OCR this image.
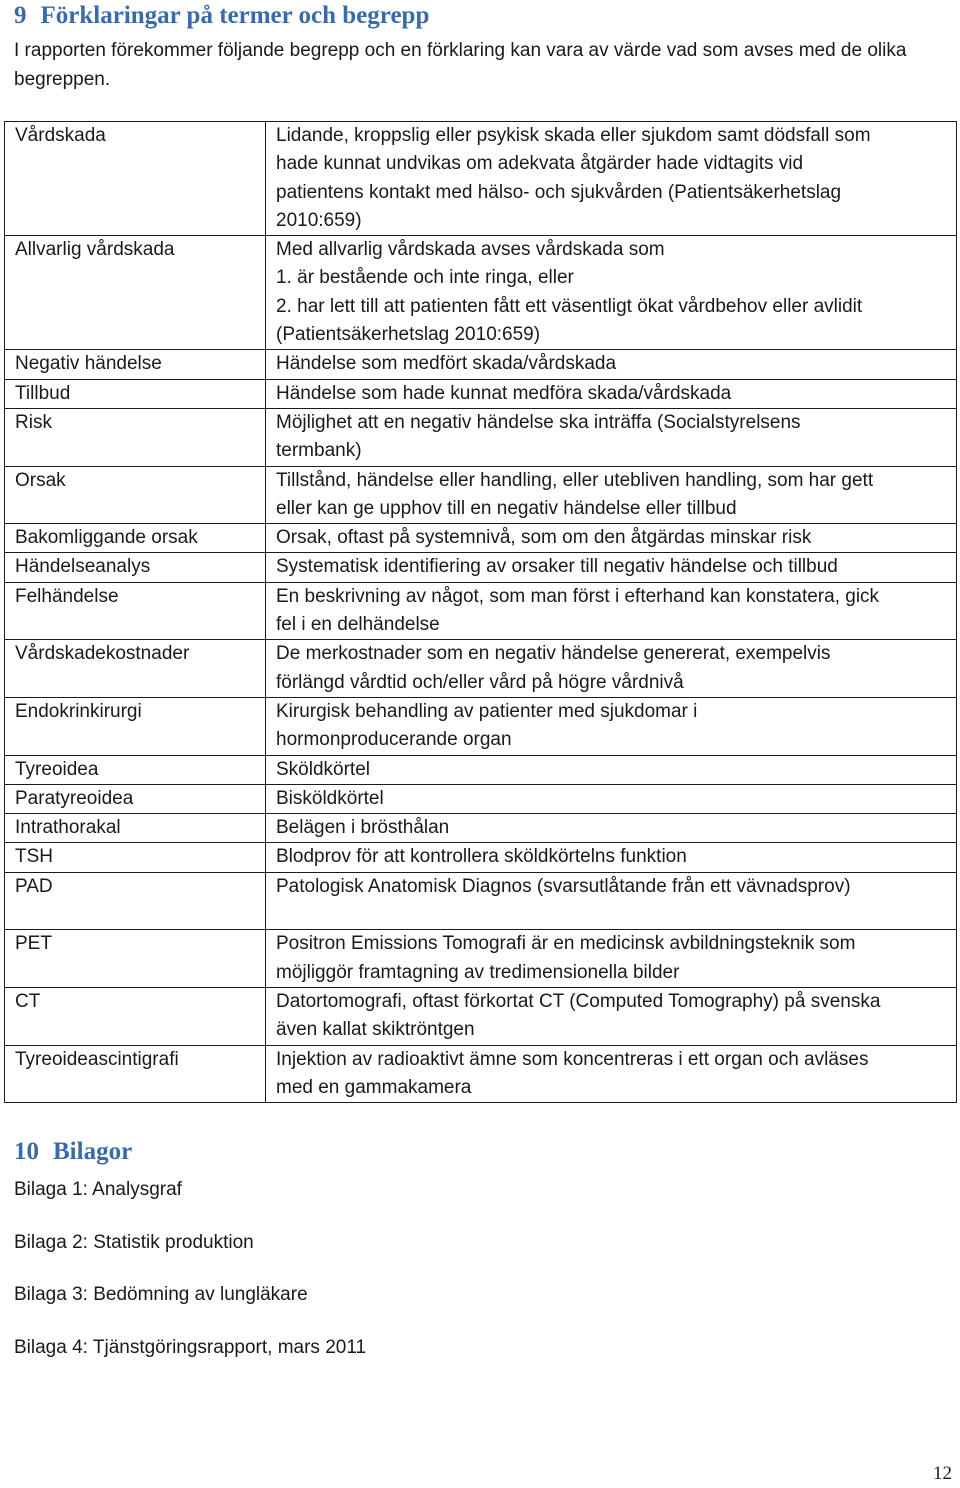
9 Förklaringar på termer och begrepp

I rapporten förekommer följande begrepp och en förklaring kan vara av värde vad som avses med de olika begreppen.

Vårdskada	Lidande, kroppslig eller psykisk skada eller sjukdom samt dödsfall som
hade kunnat undvikas om adekvata åtgärder hade vidtagits vid
patientens kontakt med hälso- och sjukvården (Patientsäkerhetslag
2010:659)

Allvarlig vårdskada	Med allvarlig vårdskada avses vårdskada som
1. är bestående och inte ringa, eller
2. har lett till att patienten fått ett väsentligt ökat vårdbehov eller avlidit
(Patientsäkerhetslag 2010:659)

Negativ händelse	Händelse som medfört skada/vårdskada

Tillbud	Händelse som hade kunnat medföra skada/vårdskada

Risk	Möjlighet att en negativ händelse ska inträffa (Socialstyrelsens
termbank)

Orsak	Tillstånd, händelse eller handling, eller utebliven handling, som har gett
eller kan ge upphov till en negativ händelse eller tillbud

Bakomliggande orsak	Orsak, oftast på systemnivå, som om den åtgärdas minskar risk

Händelseanalys	Systematisk identifiering av orsaker till negativ händelse och tillbud

Felhändelse	En beskrivning av något, som man först i efterhand kan konstatera, gick
fel i en delhändelse

Vårdskadekostnader	De merkostnader som en negativ händelse genererat, exempelvis
förlängd vårdtid och/eller vård på högre vårdnivå

Endokrinkirurgi	Kirurgisk behandling av patienter med sjukdomar i
hormonproducerande organ

Tyreoidea	Sköldkörtel

Paratyreoidea	Bisköldkörtel

Intrathorakal	Belägen i brösthålan

TSH	Blodprov för att kontrollera sköldkörtelns funktion

PAD	Patologisk Anatomisk Diagnos (svarsutlåtande från ett vävnadsprov)

PET	Positron Emissions Tomografi är en medicinsk avbildningsteknik som
möjliggör framtagning av tredimensionella bilder

CT	Datortomografi, oftast förkortat CT (Computed Tomography) på svenska
även kallat skiktröntgen

Tyreoideascintigrafi	Injektion av radioaktivt ämne som koncentreras i ett organ och avläses
med en gammakamera
10 Bilagor
Bilaga 1: Analysgraf
Bilaga 2: Statistik produktion
Bilaga 3: Bedömning av lungläkare
Bilaga 4: Tjänstgöringsrapport, mars 2011
12
